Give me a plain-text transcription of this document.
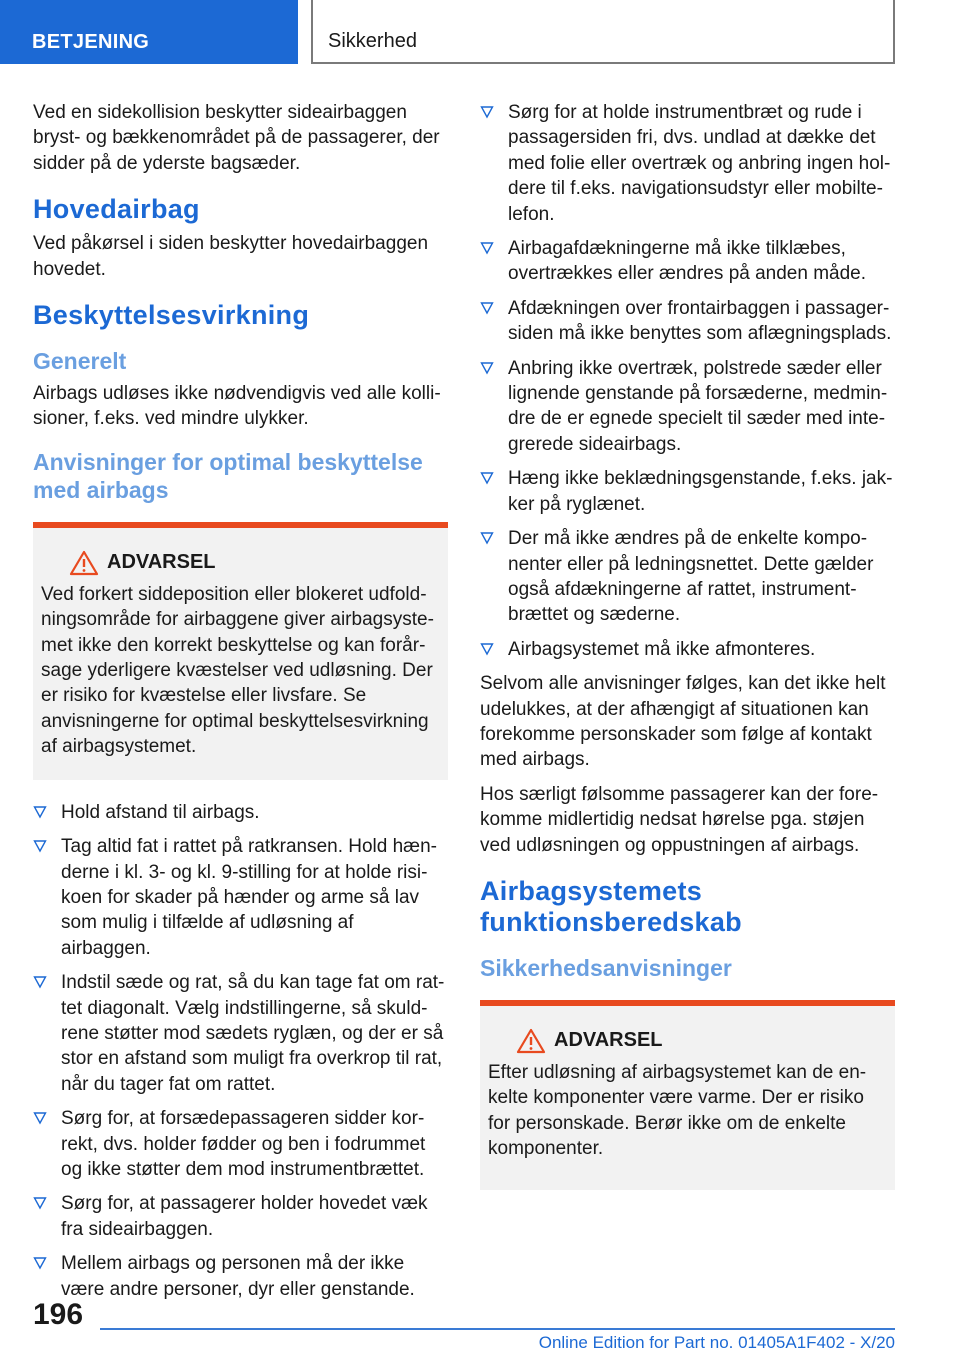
BETJENING	Sikkerhed

Ved en sidekollision beskytter sideairbaggen bryst- og bækkenområdet på de passagerer, der sidder på de yderste bagsæder.

Hovedairbag

Ved påkørsel i siden beskytter hovedairbaggen hovedet.

Beskyttelsesvirkning
Generelt

Airbags udløses ikke nødvendigvis ved alle kollisioner, f.eks. ved mindre ulykker.

Anvisninger for optimal beskyttelse med airbags
ADVARSEL

Ved forkert siddeposition eller blokeret udfoldningsområde for airbaggene giver airbagsystemet ikke den korrekt beskyttelse og kan forårsage yderligere kvæstelser ved udløsning. Der er risiko for kvæstelse eller livsfare. Se anvisningerne for optimal beskyttelsesvirkning af airbagsystemet.

Hold afstand til airbags.
Tag altid fat i rattet på ratkransen. Hold hænderne i kl. 3- og kl. 9-stilling for at holde risikoen for skader på hænder og arme så lav som mulig i tilfælde af udløsning af airbaggen.
Indstil sæde og rat, så du kan tage fat om rattet diagonalt. Vælg indstillingerne, så skuldrene støtter mod sædets ryglæn, og der er så stor en afstand som muligt fra overkrop til rat, når du tager fat om rattet.
Sørg for, at forsædepassageren sidder korrekt, dvs. holder fødder og ben i fodrummet og ikke støtter dem mod instrumentbrættet.
Sørg for, at passagerer holder hovedet væk fra sideairbaggen.
Mellem airbags og personen må der ikke være andre personer, dyr eller genstande.
Sørg for at holde instrumentbræt og rude i passagersiden fri, dvs. undlad at dække det med folie eller overtræk og anbring ingen holdere til f.eks. navigationsudstyr eller mobiltelefon.
Airbagafdækningerne må ikke tilklæbes, overtrækkes eller ændres på anden måde.
Afdækningen over frontairbaggen i passagersiden må ikke benyttes som aflægningsplads.
Anbring ikke overtræk, polstrede sæder eller lignende genstande på forsæderne, medmindre de er egnede specielt til sæder med integrerede sideairbags.
Hæng ikke beklædningsgenstande, f.eks. jakker på ryglænet.
Der må ikke ændres på de enkelte komponenter eller på ledningsnettet. Dette gælder også afdækningerne af rattet, instrumentbrættet og sæderne.
Airbagsystemet må ikke afmonteres.

Selvom alle anvisninger følges, kan det ikke helt udelukkes, at der afhængigt af situationen kan forekomme personskader som følge af kontakt med airbags.

Hos særligt følsomme passagerer kan der forekomme midlertidig nedsat hørelse pga. støjen ved udløsningen og oppustningen af airbags.

Airbagsystemets funktionsberedskab
Sikkerhedsanvisninger
ADVARSEL

Efter udløsning af airbagsystemet kan de enkelte komponenter være varme. Der er risiko for personskade. Berør ikke om de enkelte komponenter.

196
Online Edition for Part no. 01405A1F402 - X/20
